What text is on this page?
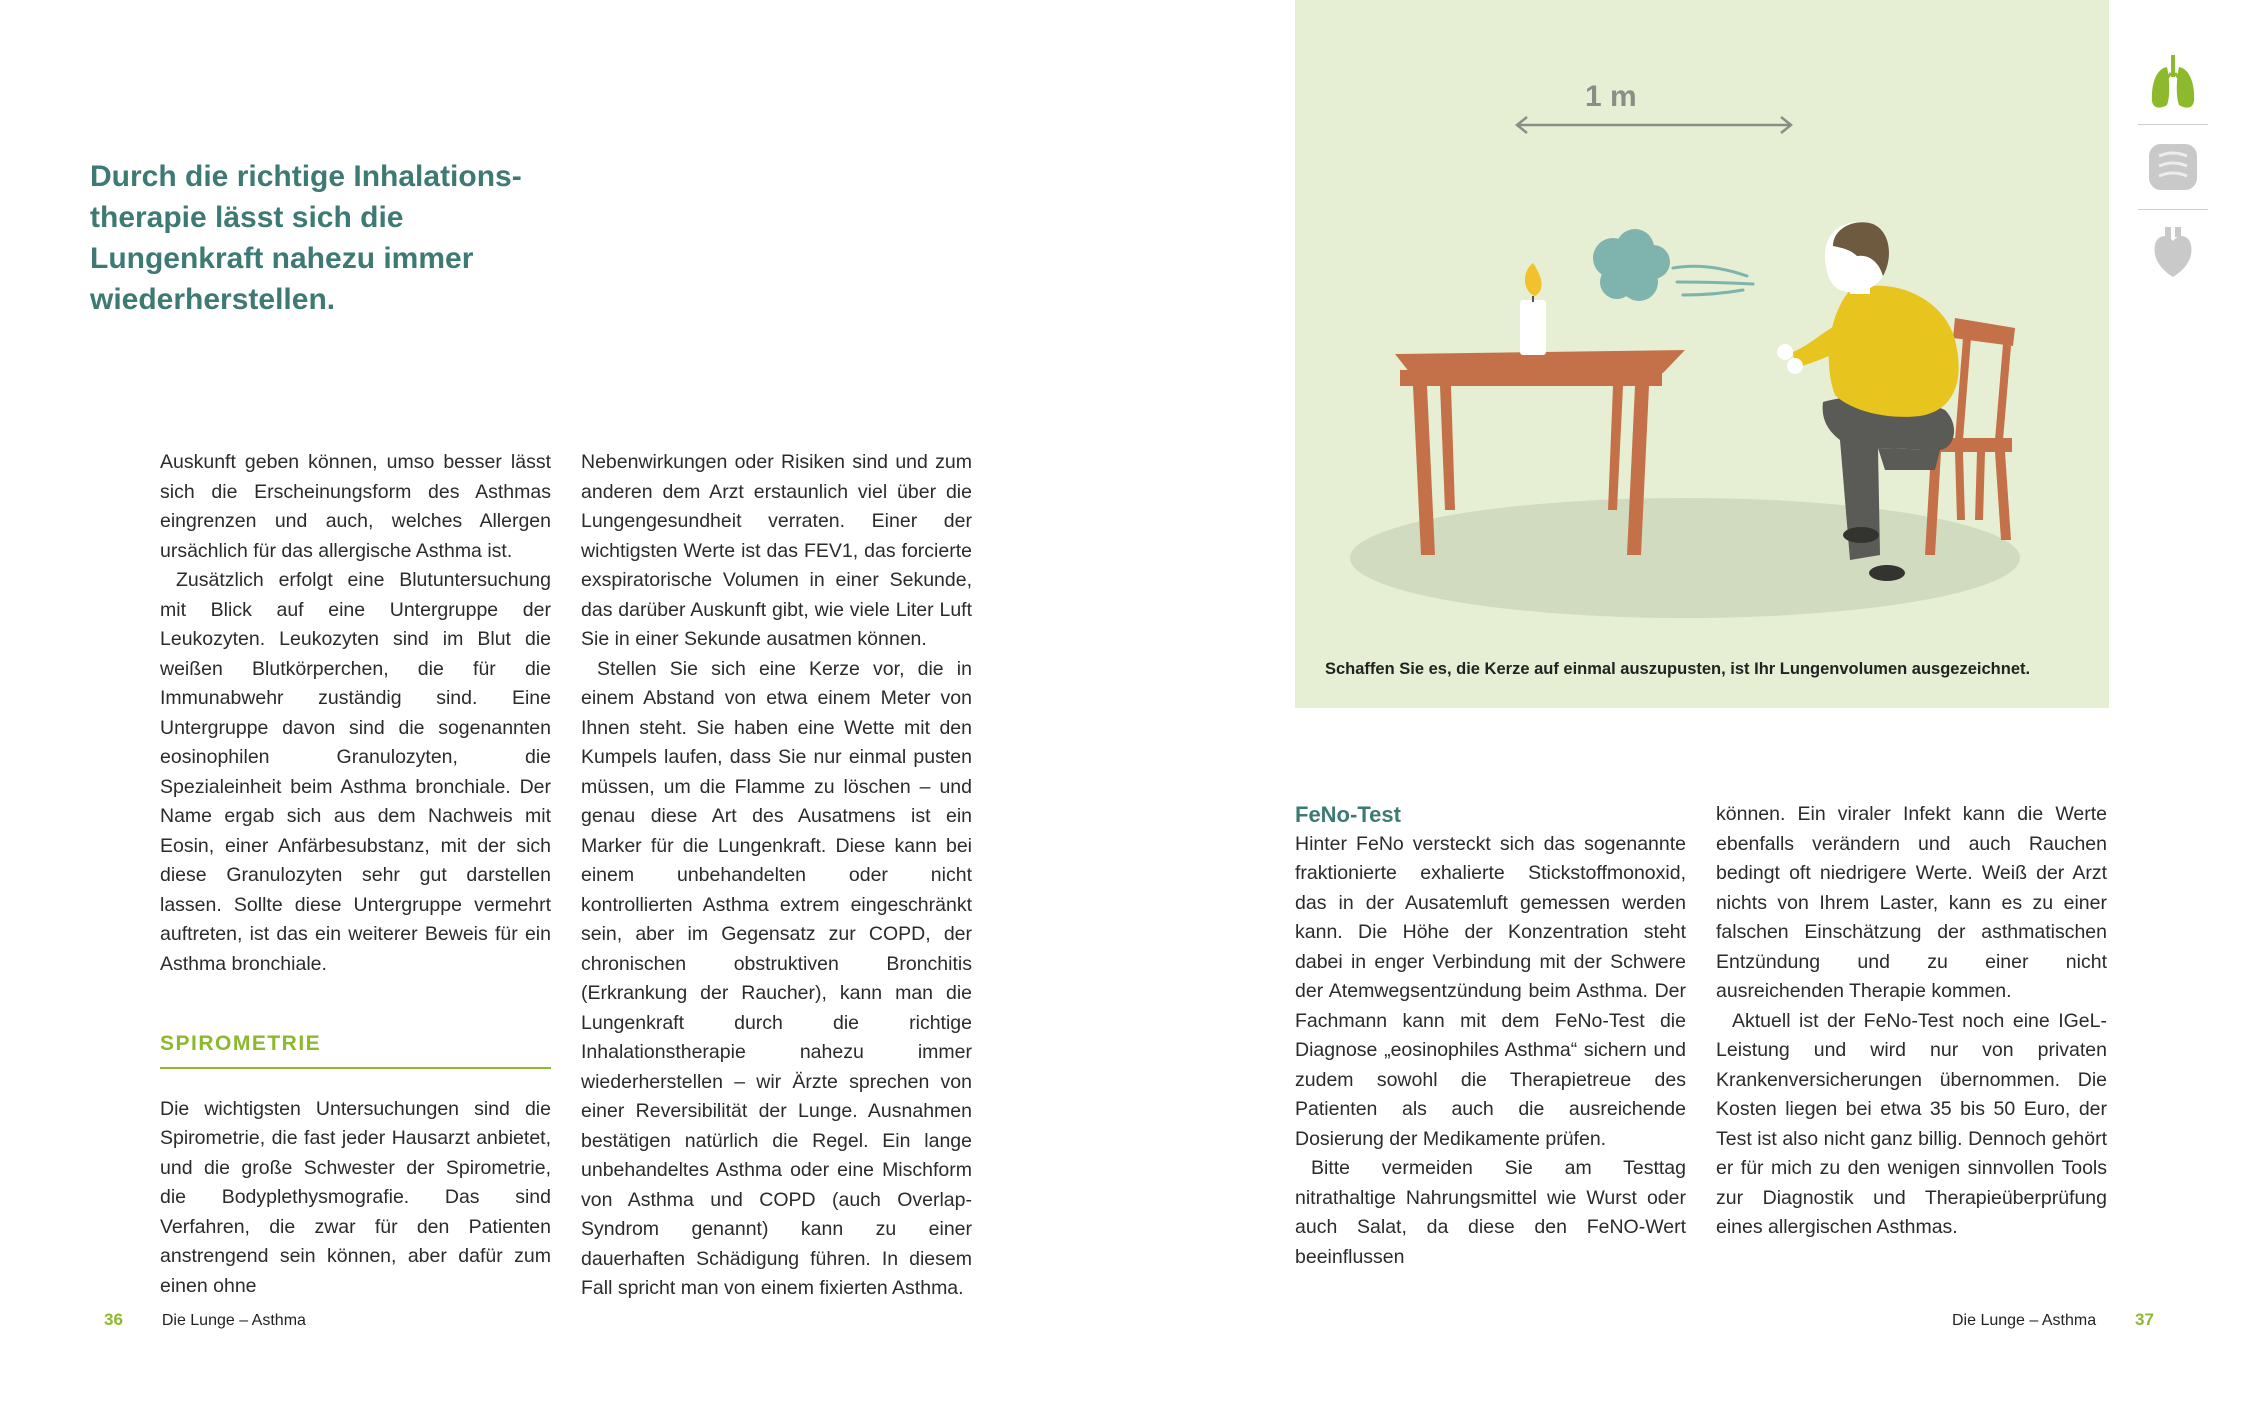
Durch die richtige Inhalations-therapie lässt sich die Lungenkraft nahezu immer wiederherstellen.

Auskunft geben können, umso besser lässt sich die Erscheinungsform des Asthmas eingrenzen und auch, welches Allergen ursächlich für das allergische Asthma ist.

Zusätzlich erfolgt eine Blutuntersuchung mit Blick auf eine Untergruppe der Leukozyten. Leukozyten sind im Blut die weißen Blutkörperchen, die für die Immunabwehr zuständig sind. Eine Untergruppe davon sind die sogenannten eosinophilen Granulozyten, die Spezialeinheit beim Asthma bronchiale. Der Name ergab sich aus dem Nachweis mit Eosin, einer Anfärbesubstanz, mit der sich diese Granulozyten sehr gut darstellen lassen. Sollte diese Untergruppe vermehrt auftreten, ist das ein weiterer Beweis für ein Asthma bronchiale.

SPIROMETRIE

Die wichtigsten Untersuchungen sind die Spirometrie, die fast jeder Hausarzt anbietet, und die große Schwester der Spirometrie, die Bodyplethysmografie. Das sind Verfahren, die zwar für den Patienten anstrengend sein können, aber dafür zum einen ohne

Nebenwirkungen oder Risiken sind und zum anderen dem Arzt erstaunlich viel über die Lungengesundheit verraten. Einer der wichtigsten Werte ist das FEV1, das forcierte exspiratorische Volumen in einer Sekunde, das darüber Auskunft gibt, wie viele Liter Luft Sie in einer Sekunde ausatmen können.

Stellen Sie sich eine Kerze vor, die in einem Abstand von etwa einem Meter von Ihnen steht. Sie haben eine Wette mit den Kumpels laufen, dass Sie nur einmal pusten müssen, um die Flamme zu löschen – und genau diese Art des Ausatmens ist ein Marker für die Lungenkraft. Diese kann bei einem unbehandelten oder nicht kontrollierten Asthma extrem eingeschränkt sein, aber im Gegensatz zur COPD, der chronischen obstruktiven Bronchitis (Erkrankung der Raucher), kann man die Lungenkraft durch die richtige Inhalationstherapie nahezu immer wiederherstellen – wir Ärzte sprechen von einer Reversibilität der Lunge. Ausnahmen bestätigen natürlich die Regel. Ein lange unbehandeltes Asthma oder eine Mischform von Asthma und COPD (auch Overlap-Syndrom genannt) kann zu einer dauerhaften Schädigung führen. In diesem Fall spricht man von einem fixierten Asthma.

36 Die Lunge – Asthma
1 m

Schaffen Sie es, die Kerze auf einmal auszupusten, ist Ihr Lungenvolumen ausgezeichnet.

FeNo-Test

Hinter FeNo versteckt sich das sogenannte fraktionierte exhalierte Stickstoffmonoxid, das in der Ausatemluft gemessen werden kann. Die Höhe der Konzentration steht dabei in enger Verbindung mit der Schwere der Atemwegsentzündung beim Asthma. Der Fachmann kann mit dem FeNo-Test die Diagnose „eosinophiles Asthma“ sichern und zudem sowohl die Therapietreue des Patienten als auch die ausreichende Dosierung der Medikamente prüfen.

Bitte vermeiden Sie am Testtag nitrathaltige Nahrungsmittel wie Wurst oder auch Salat, da diese den FeNO-Wert beeinflussen

können. Ein viraler Infekt kann die Werte ebenfalls verändern und auch Rauchen bedingt oft niedrigere Werte. Weiß der Arzt nichts von Ihrem Laster, kann es zu einer falschen Einschätzung der asthmatischen Entzündung und zu einer nicht ausreichenden Therapie kommen.

Aktuell ist der FeNo-Test noch eine IGeL-Leistung und wird nur von privaten Krankenversicherungen übernommen. Die Kosten liegen bei etwa 35 bis 50 Euro, der Test ist also nicht ganz billig. Dennoch gehört er für mich zu den wenigen sinnvollen Tools zur Diagnostik und Therapieüberprüfung eines allergischen Asthmas.

Die Lunge – Asthma 37
